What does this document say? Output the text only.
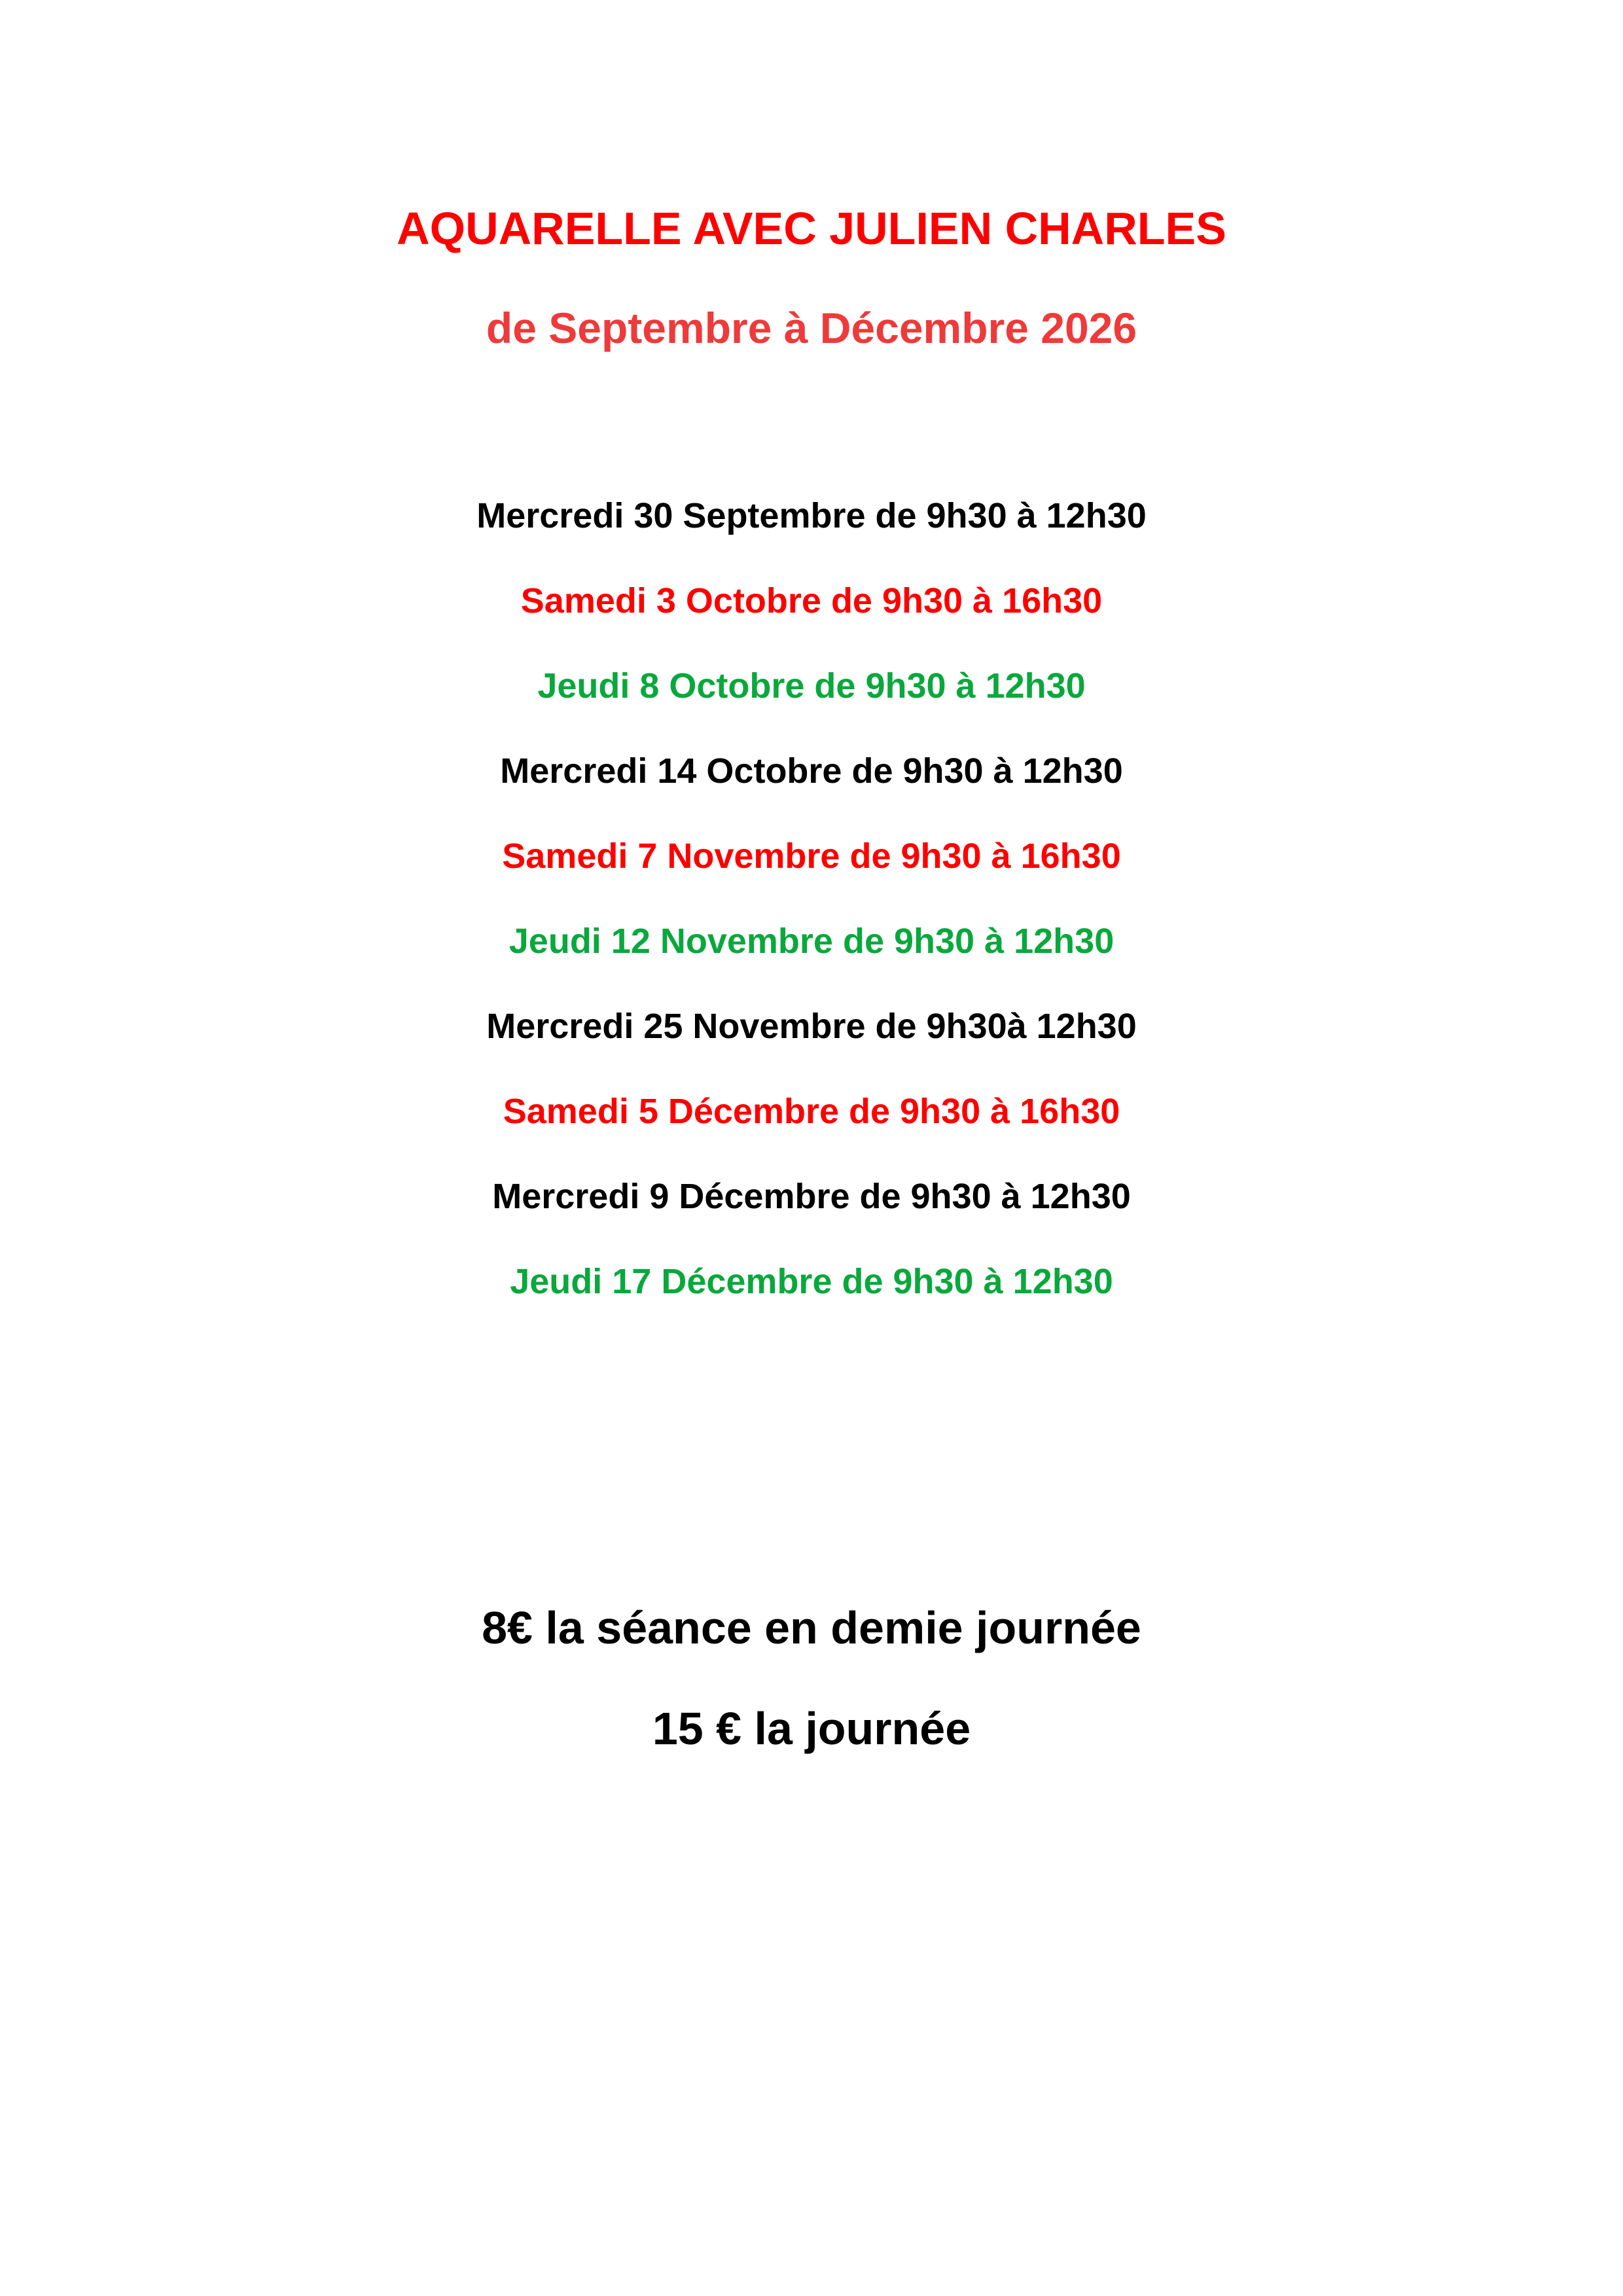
AQUARELLE AVEC JULIEN CHARLES
de Septembre à Décembre 2026
Mercredi 30 Septembre de 9h30 à 12h30
Samedi 3 Octobre de 9h30 à 16h30
Jeudi 8 Octobre de 9h30 à 12h30
Mercredi 14 Octobre de 9h30 à 12h30
Samedi 7 Novembre de 9h30 à 16h30
Jeudi 12 Novembre de 9h30 à 12h30
Mercredi 25 Novembre de 9h30à 12h30
Samedi 5 Décembre de 9h30 à 16h30
Mercredi 9 Décembre de 9h30 à 12h30
Jeudi 17 Décembre de 9h30 à 12h30
8€ la séance en demie journée
15 € la journée
